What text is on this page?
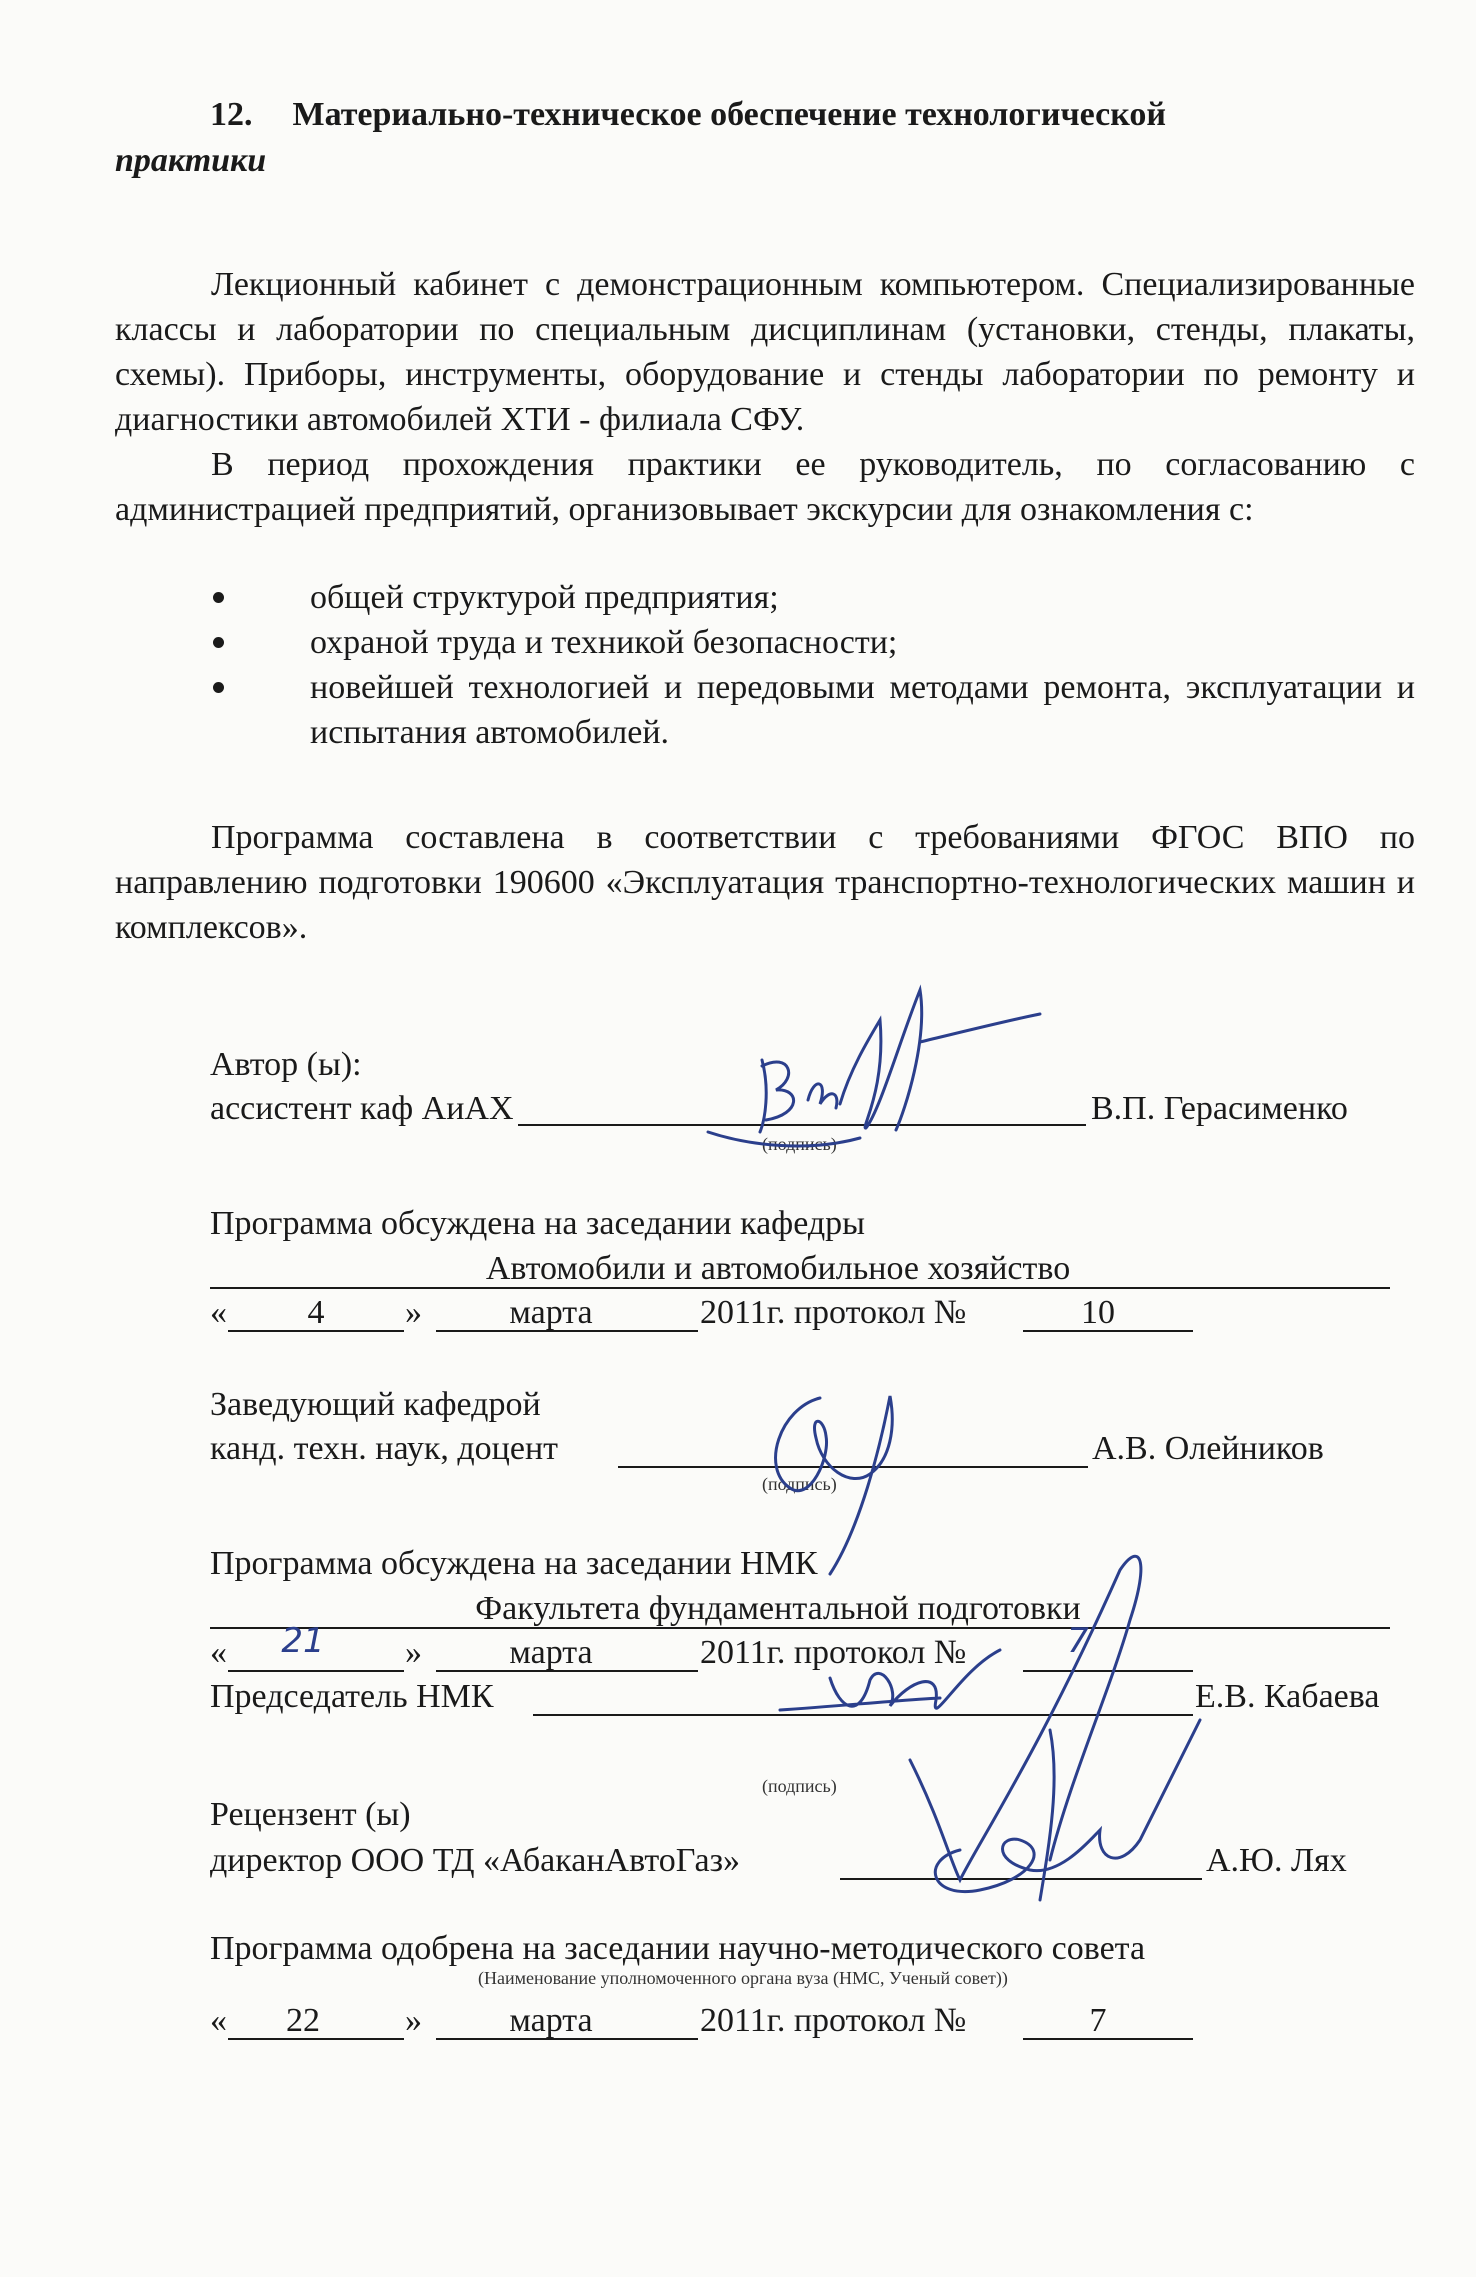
12. Материально-техническое обеспечение технологической
практики
Лекционный кабинет с демонстрационным компьютером. Специализированные классы и лаборатории по специальным дисциплинам (установки, стенды, плакаты, схемы). Приборы, инструменты, оборудование и стенды лаборатории по ремонту и диагностики автомобилей ХТИ - филиала СФУ.
В период прохождения практики ее руководитель, по согласованию с администрацией предприятий, организовывает экскурсии для ознакомления с:
общей структурой предприятия;
охраной труда и техникой безопасности;
новейшей технологией и передовыми методами ремонта, эксплуатации и испытания автомобилей.
Программа составлена в соответствии с требованиями ФГОС ВПО по направлению подготовки 190600 «Эксплуатация транспортно-технологических машин и комплексов».
Автор (ы):
ассистент каф АиАХ	В.П. Герасименко
(подпись)
Программа обсуждена на заседании кафедры
Автомобили и автомобильное хозяйство
«	4	»	марта	2011г. протокол №	10
Заведующий кафедрой
канд. техн. наук, доцент	А.В. Олейников
(подпись)
Программа обсуждена на заседании НМК
Факультета фундаментальной подготовки
«	21	»	марта	2011г. протокол №	7
Председатель НМК	Е.В. Кабаева
(подпись)
Рецензент (ы)
директор ООО ТД «АбаканАвтоГаз»	А.Ю. Лях
Программа одобрена на заседании научно-методического совета
(Наименование уполномоченного органа вуза (НМС, Ученый совет))
«	22	»	марта	2011г. протокол №	7
